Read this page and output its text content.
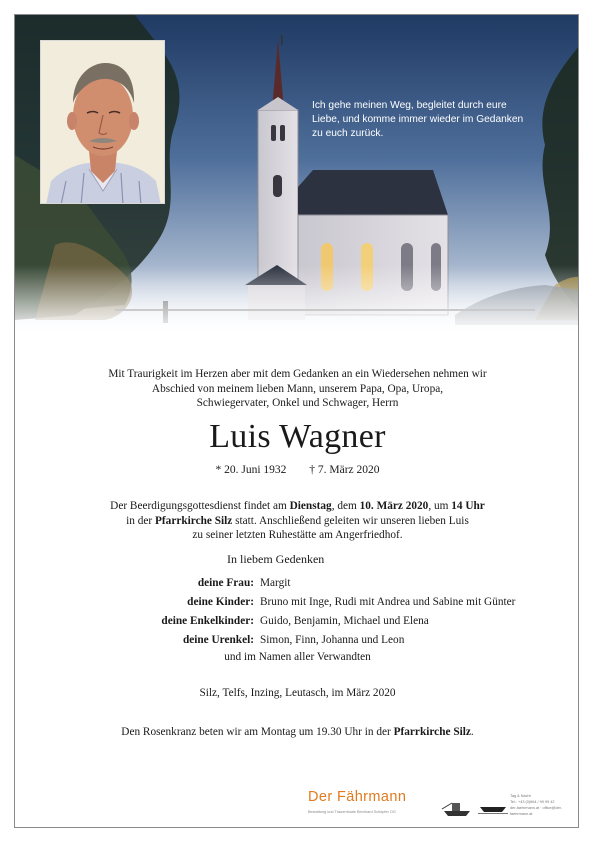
Ich gehe meinen Weg, begleitet durch eure Liebe, und komme immer wieder im Gedanken zu euch zurück.
Mit Traurigkeit im Herzen aber mit dem Gedanken an ein Wiedersehen nehmen wir
Abschied von meinem lieben Mann, unserem Papa, Opa, Uropa,
Schwiegervater, Onkel und Schwager, Herrn
Luis Wagner
* 20. Juni 1932 † 7. März 2020
Der Beerdigungsgottesdienst findet am Dienstag, dem 10. März 2020, um 14 Uhr
in der Pfarrkirche Silz statt. Anschließend geleiten wir unseren lieben Luis
zu seiner letzten Ruhestätte am Angerfriedhof.
In liebem Gedenken
deine Frau: Margit
deine Kinder: Bruno mit Inge, Rudi mit Andrea und Sabine mit Günter
deine Enkelkinder: Guido, Benjamin, Michael und Elena
deine Urenkel: Simon, Finn, Johanna und Leon
und im Namen aller Verwandten
Silz, Telfs, Inzing, Leutasch, im März 2020
Den Rosenkranz beten wir am Montag um 19.30 Uhr in der Pfarrkirche Silz.
Der Fährmann
Bestattung und Trauerrituale Bernhard Schöpfer OG
Tag & Nacht
Tel.: +43 (0)664 / 99 99 42
der-faehrmann.at · office@der-faehrmann.at
